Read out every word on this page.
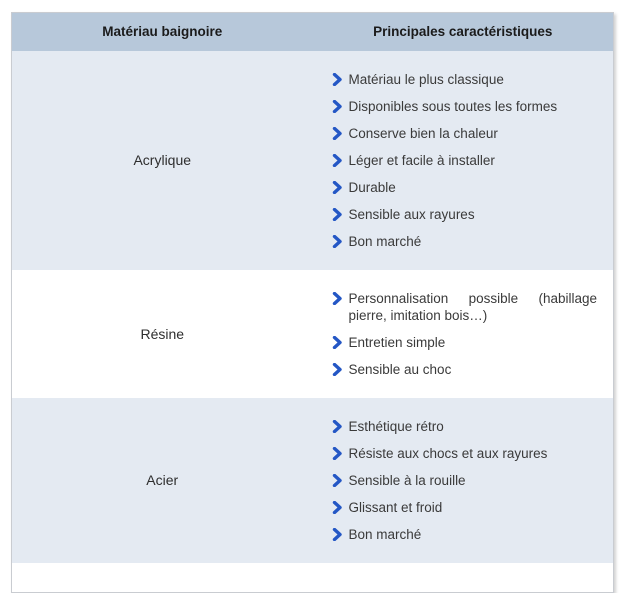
Matériau baignoire	Principales caractéristiques
Acrylique	
Matériau le plus classique
Disponibles sous toutes les formes
Conserve bien la chaleur
Léger et facile à installer
Durable
Sensible aux rayures
Bon marché

Résine	
Personnalisation possible (habillage pierre, imitation bois…)
Entretien simple
Sensible au choc

Acier	
Esthétique rétro
Résiste aux chocs et aux rayures
Sensible à la rouille
Glissant et froid
Bon marché
